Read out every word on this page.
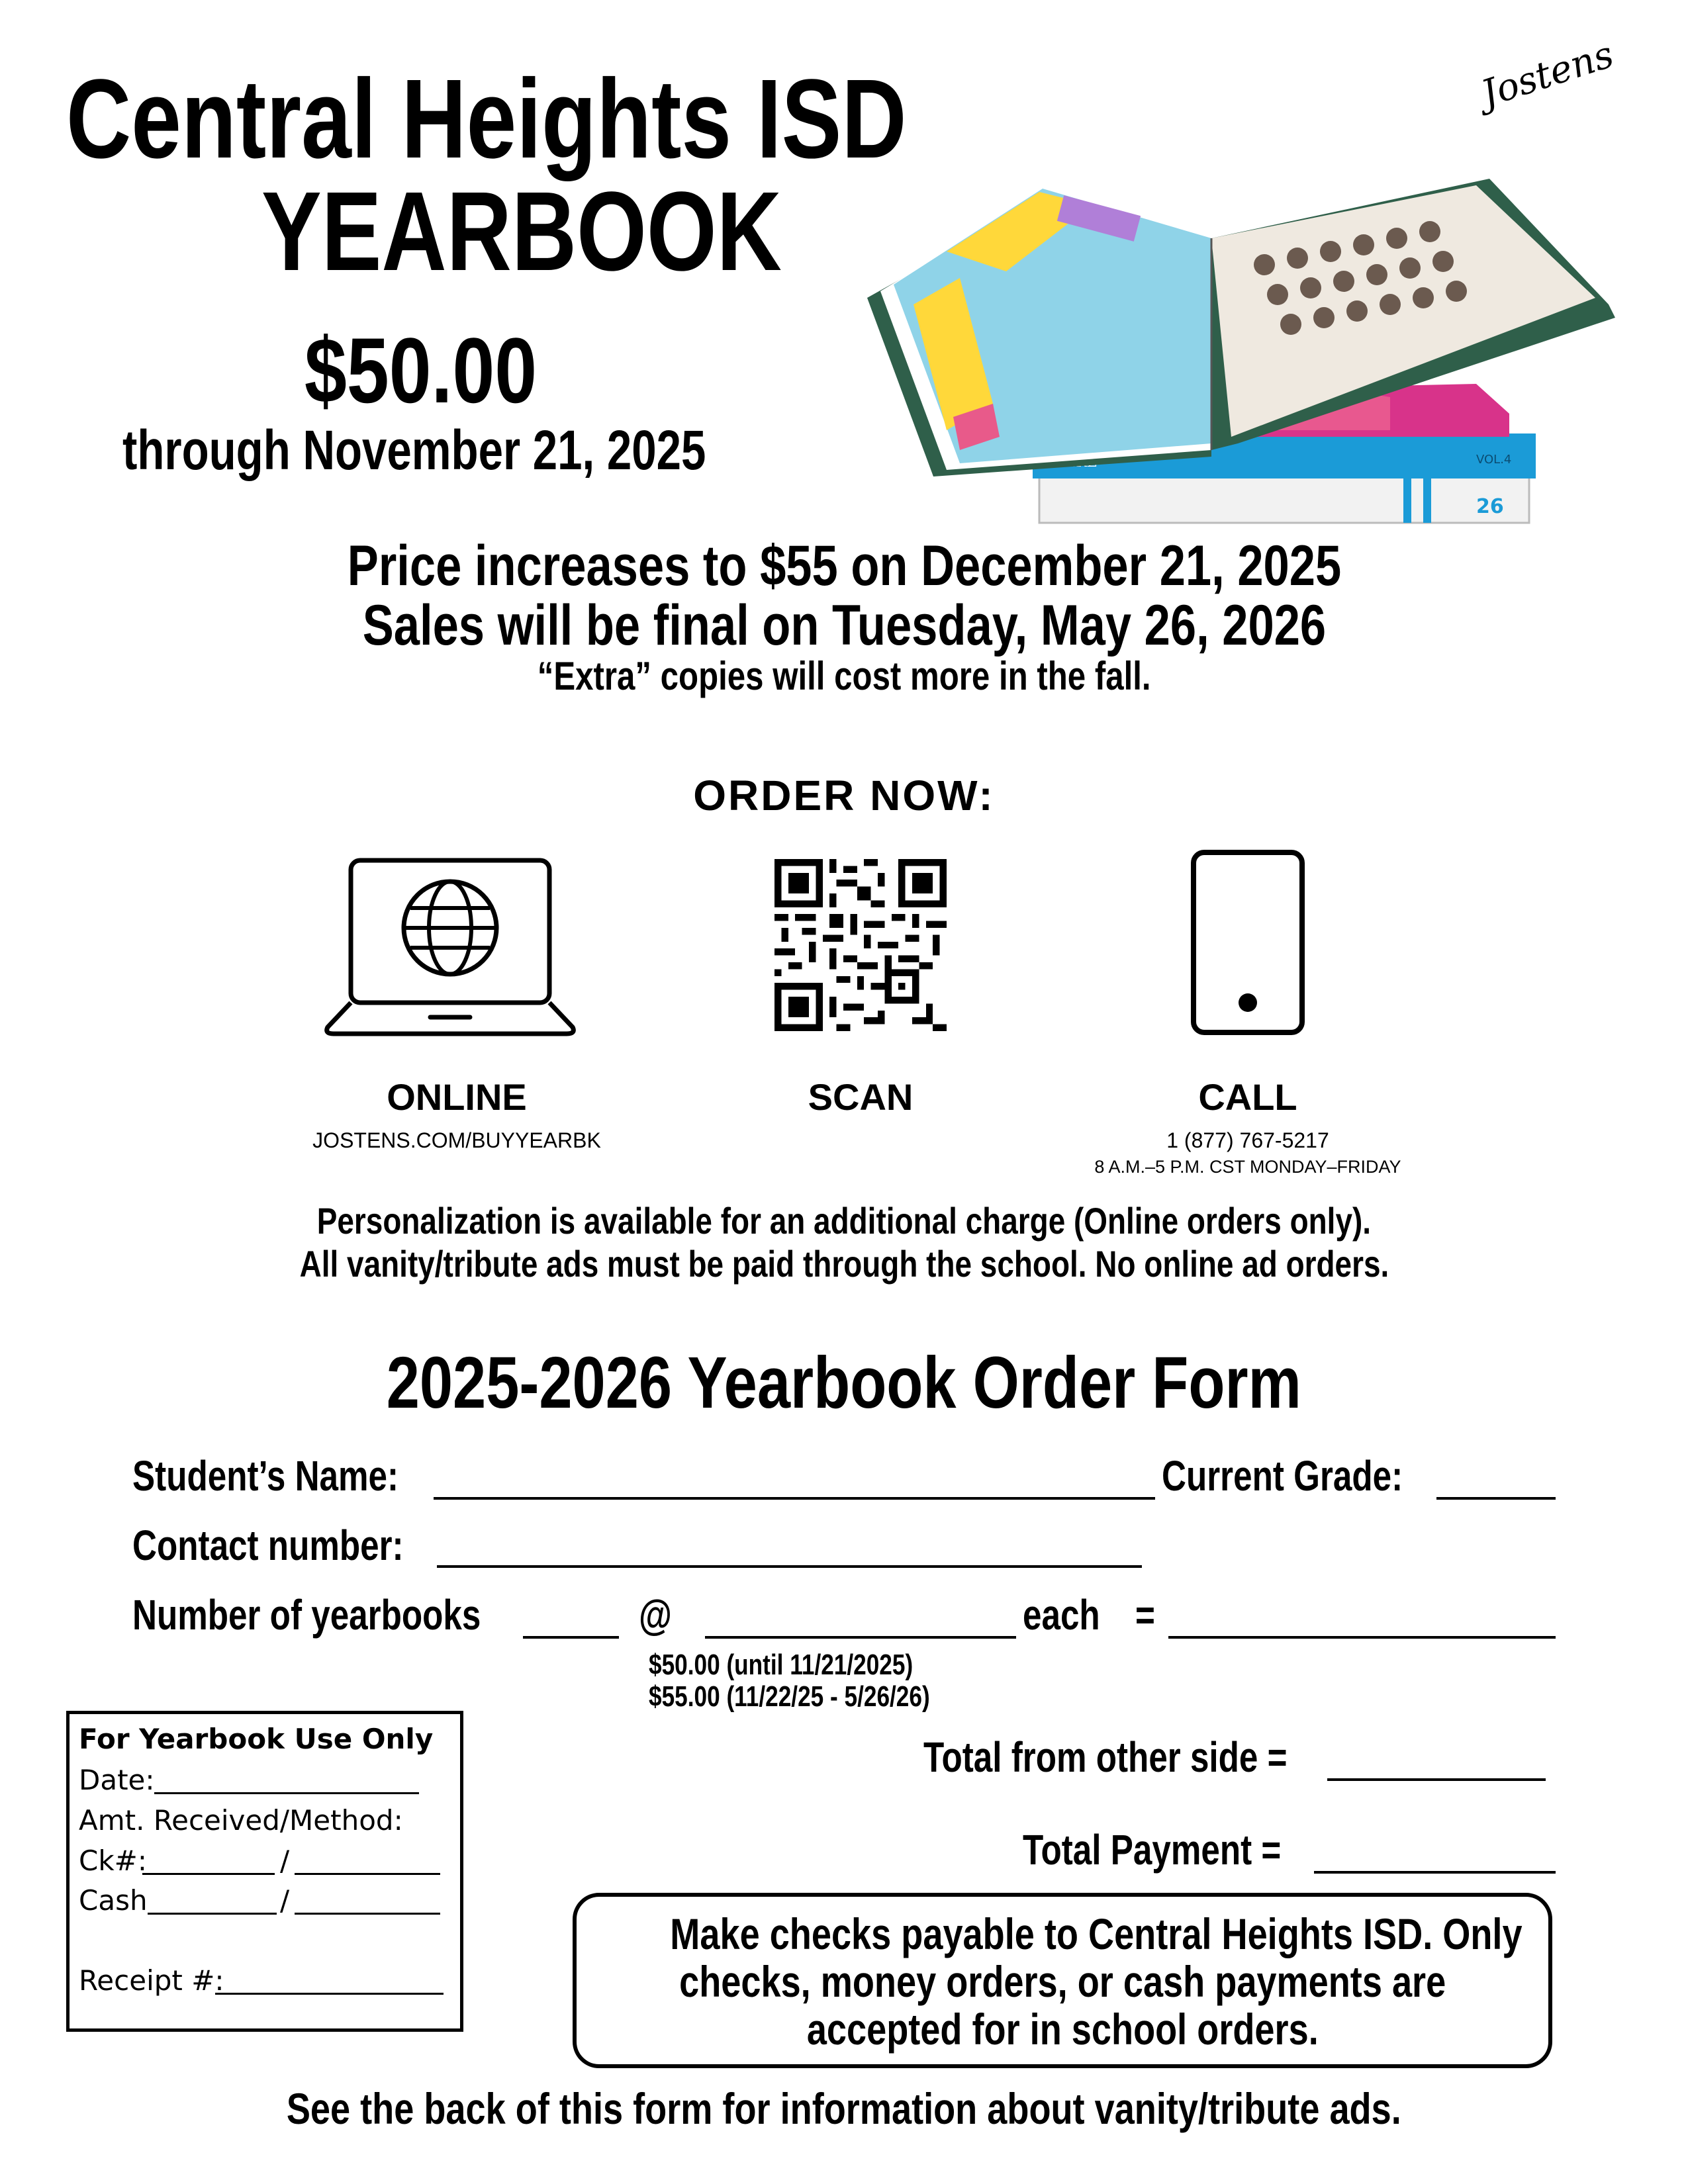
Central Heights ISD
YEARBOOK
$50.00
through November 21, 2025
Jostens
26
VOL.4
Price increases to $55 on December 21, 2025
Sales will be final on Tuesday, May 26, 2026
“Extra” copies will cost more in the fall.
ORDER NOW:
ONLINE
JOSTENS.COM/BUYYEARBK
SCAN	CALL
1 (877) 767-5217
8 A.M.–5 P.M. CST MONDAY–FRIDAY
Personalization is available for an additional charge (Online orders only).
All vanity/tribute ads must be paid through the school. No online ad orders.
2025-2026 Yearbook Order Form
Student’s Name:	Current Grade:
Contact number:
Number of yearbooks	@	each =
$50.00 (until 11/21/2025)
$55.00 (11/22/25 - 5/26/26)
Total from other side =
Total Payment =
For Yearbook Use Only
Date:
Amt. Received/Method:
Ck#:	/
Cash	/
Receipt #:
Make checks payable to Central Heights ISD. Only
checks, money orders, or cash payments are
accepted for in school orders.
See the back of this form for information about vanity/tribute ads.
